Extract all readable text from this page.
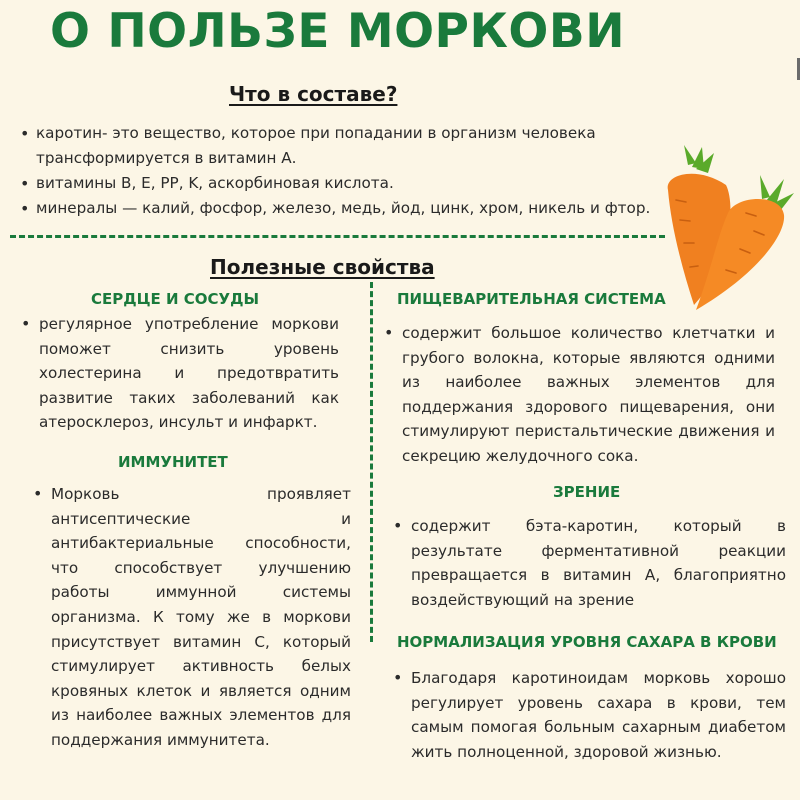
О ПОЛЬЗЕ МОРКОВИ
Что в составе?
• каротин- это вещество, которое при попадании в организм человека трансформируется в витамин А.
• витамины B, E, PP, K, аскорбиновая кислота.
• минералы — калий, фосфор, железо, медь, йод, цинк, хром, никель и фтор.
Полезные свойства
СЕРДЦЕ И СОСУДЫ
• регулярное употребление моркови поможет снизить уровень холестерина и предотвратить развитие таких заболеваний как атеросклероз, инсульт и инфаркт.
ИММУНИТЕТ
• Морковь проявляет антисептические и антибактериальные способности, что способствует улучшению работы иммунной системы организма. К тому же в моркови присутствует витамин С, который стимулирует активность белых кровяных клеток и является одним из наиболее важных элементов для поддержания иммунитета.
ПИЩЕВАРИТЕЛЬНАЯ СИСТЕМА
• содержит большое количество клетчатки и грубого волокна, которые являются одними из наиболее важных элементов для поддержания здорового пищеварения, они стимулируют перистальтические движения и секрецию желудочного сока.
ЗРЕНИЕ
• содержит бэта-каротин, который в результате ферментативной реакции превращается в витамин А, благоприятно воздействующий на зрение
НОРМАЛИЗАЦИЯ УРОВНЯ САХАРА В КРОВИ
• Благодаря каротиноидам морковь хорошо регулирует уровень сахара в крови, тем самым помогая больным сахарным диабетом жить полноценной, здоровой жизнью.
